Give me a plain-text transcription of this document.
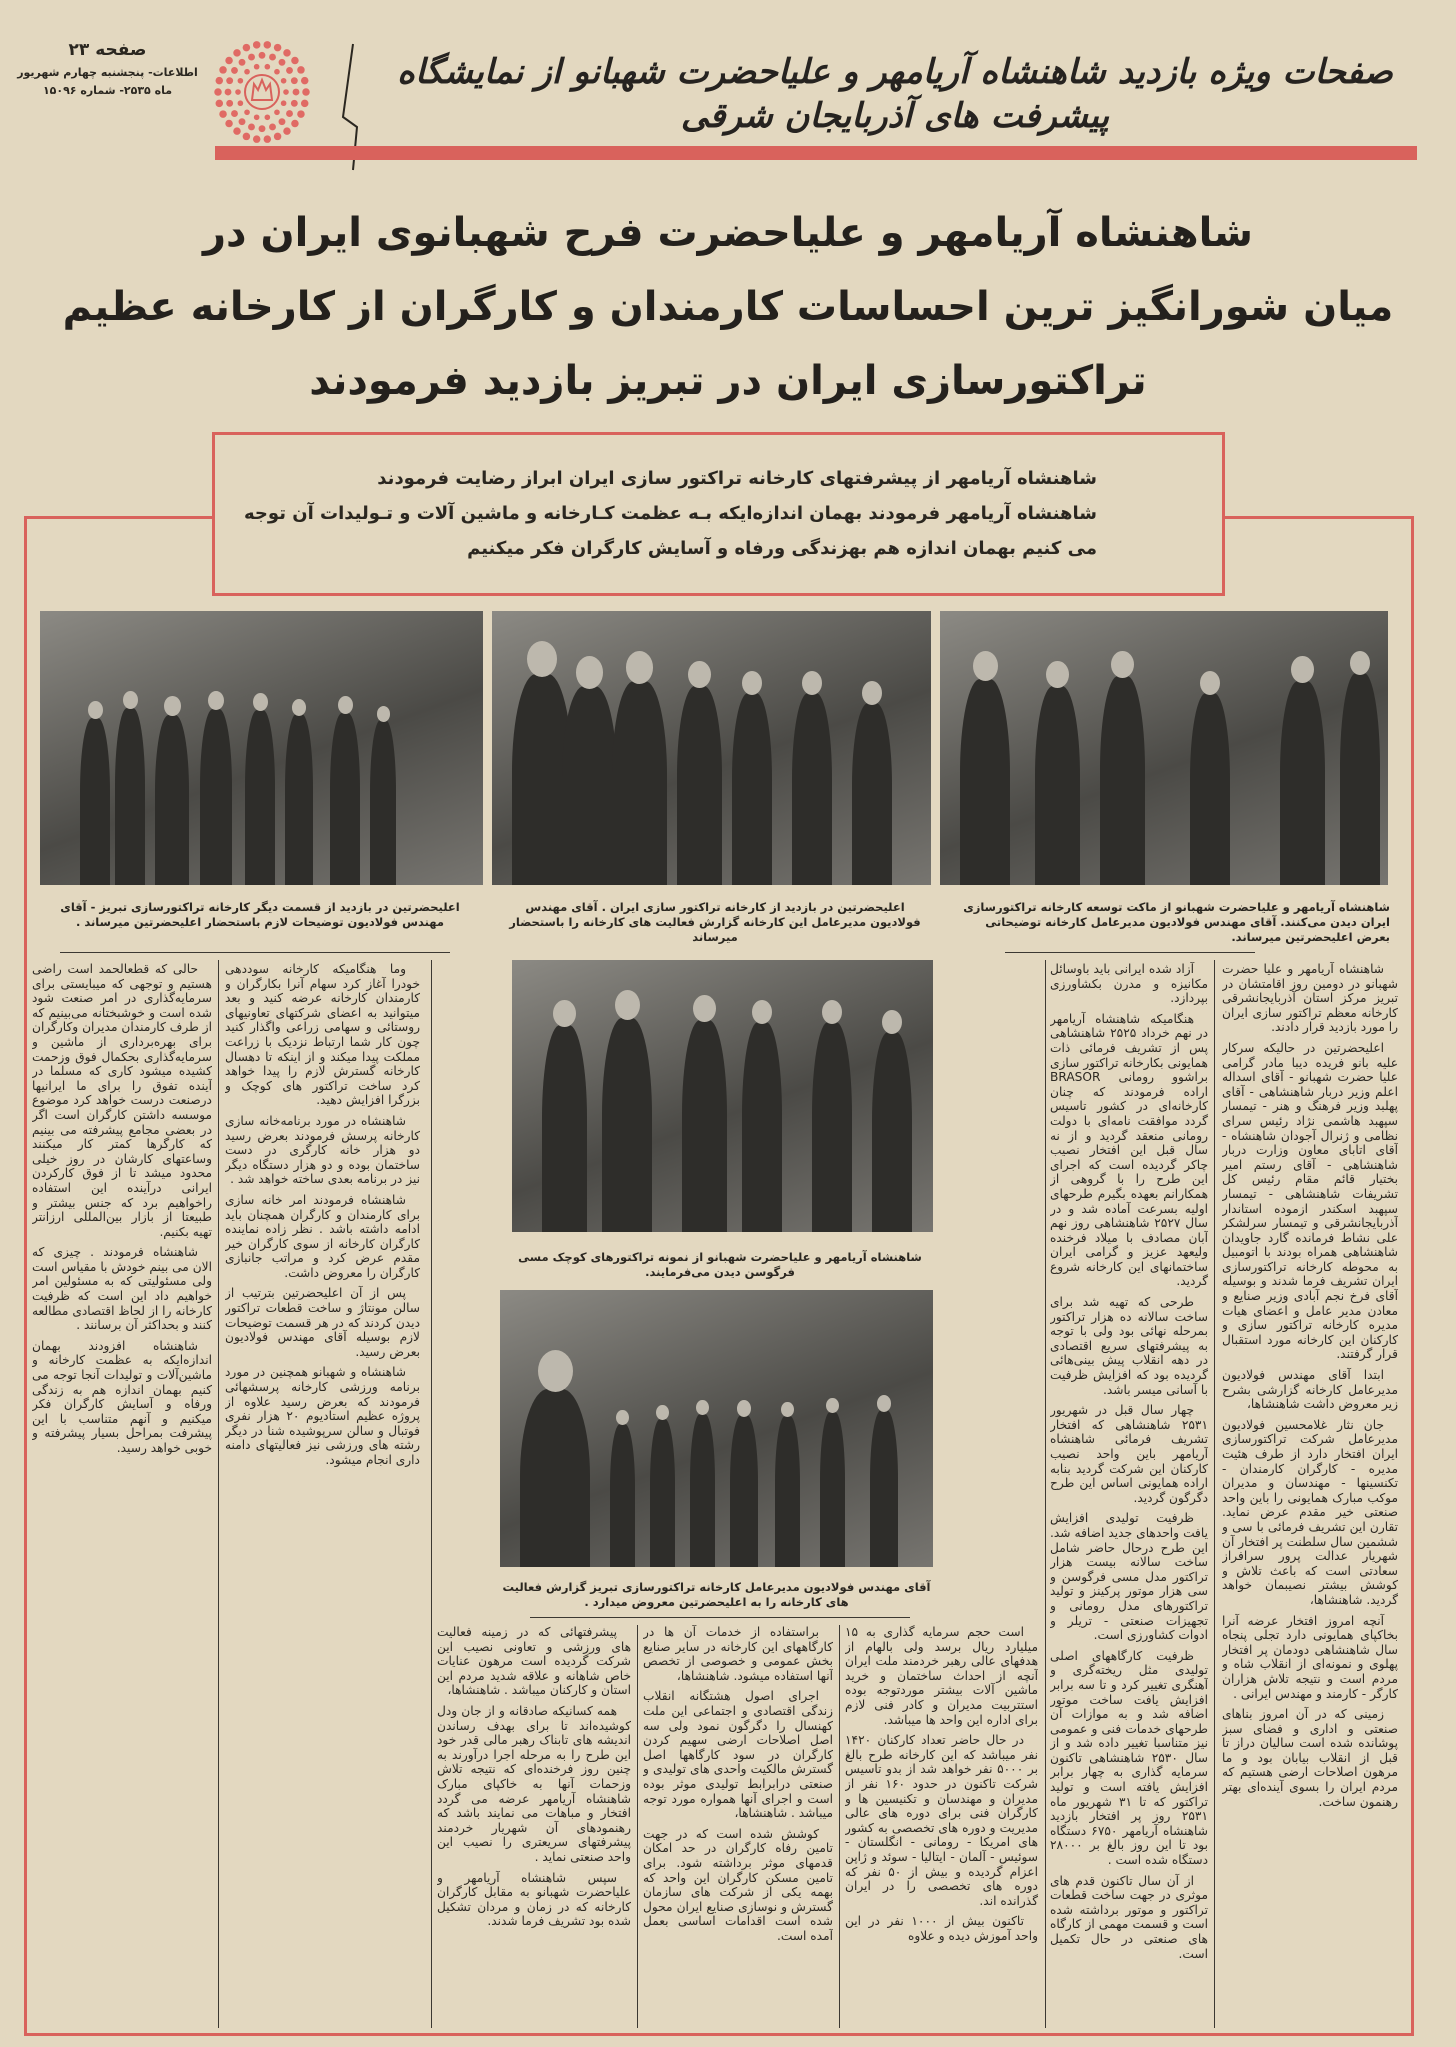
صفحه ۲۳
اطلاعات- پنجشنبه چهارم شهریور
ماه ۲۵۳۵- شماره ۱۵۰۹۶	صفحات ویژه بازدید شاهنشاه آریامهر و علیاحضرت شهبانو از نمایشگاه پیشرفت های آذربایجان شرقی
شاهنشاه آریامهر و علیاحضرت فرح شهبانوی ایران در
میان شورانگیز ترین احساسات کارمندان و کارگران از کارخانه عظیم
تراکتورسازی ایران در تبریز بازدید فرمودند
شاهنشاه آریامهر از پیشرفتهای کارخانه تراکتور سازی ایران ابراز رضایت فرمودند
شاهنشاه آریامهر فرمودند بهمان اندازه‌ایکه بـه عظمت کـارخانه و ماشین آلات و تـولیدات آن توجه
می کنیم بهمان اندازه هم بهزندگی ورفاه و آسایش کارگران فکر میکنیم
شاهنشاه آریامهر و علیاحضرت شهبانو از ماکت توسعه کارخانه تراکتورسازی ایران دیدن می‌کنند. آقای مهندس فولادیون مدیرعامل کارخانه توضیحاتی بعرض اعلیحضرتین میرساند.
اعلیحضرتین در بازدید از کارخانه تراکتور سازی ایران . آقای مهندس فولادیون مدیرعامل این کارخانه گزارش فعالیت های کارخانه را باستحضار میرساند
اعلیحضرتین در بازدید از قسمت دیگر کارخانه تراکتورسازی تبریز - آقای مهندس فولادیون توضیحات لازم باستحضار اعلیحضرتین میرساند .
شاهنشاه آریامهر و علیاحضرت شهبانو از نمونه تراکتورهای کوچک مسی فرگوسن دیدن می‌فرمایند.
آقای مهندس فولادیون مدیرعامل کارخانه تراکتورسازی تبریز گزارش فعالیت های کارخانه را به اعلیحضرتین معروض میدارد .

شاهنشاه آریامهر و علیا حضرت شهبانو در دومین روز اقامتشان در تبریز مرکز استان آذربایجانشرقی کارخانه معظم تراکتور سازی ایران را مورد بازدید قرار دادند.

اعلیحضرتین در حالیکه سرکار علیه بانو فریده دیبا مادر گرامی علیا حضرت شهبانو - آقای اسداله اعلم وزیر دربار شاهنشاهی - آقای پهلبد وزیر فرهنگ و هنر - تیمسار سپهبد هاشمی نژاد رئیس سرای نظامی و ژنرال آجودان شاهنشاه - آقای اتابای معاون وزارت دربار شاهنشاهی - آقای رستم امیر بختیار قائم مقام رئیس کل تشریفات شاهنشاهی - تیمسار سپهبد اسکندر ازموده استاندار آذربایجانشرقی و تیمسار سرلشکر علی نشاط فرمانده گارد جاویدان شاهنشاهی همراه بودند با اتومبیل به محوطه کارخانه تراکتورسازی ایران تشریف فرما شدند و بوسیله آقای فرخ نجم آبادی وزیر صنایع و معادن مدیر عامل و اعضای هیات مدیره کارخانه تراکتور سازی و کارکنان این کارخانه مورد استقبال قرار گرفتند.

ابتدا آقای مهندس فولادیون مدیرعامل کارخانه گزارشی بشرح زیر معروض داشت شاهنشاها،

جان نثار غلامحسین فولادیون مدیرعامل شرکت تراکتورسازی ایران افتخار دارد از طرف هئیت مدیره - کارگران کارمندان - تکنسینها - مهندسان و مدیران موکب مبارک همایونی را باین واحد صنعتی خیر مقدم عرض نماید. تقارن این تشریف فرمائی با سی و ششمین سال سلطنت پر افتخار آن شهریار عدالت پرور سرافراز سعادتی است که باعث تلاش و کوشش بیشتر نصیبمان خواهد گردید. شاهنشاها،

آنچه امروز افتخار عرضه آنرا بخاکپای همایونی دارد تجلی پنجاه سال شاهنشاهی دودمان پر افتخار پهلوی و نمونه‌ای از انقلاب شاه و مردم است و نتیجه تلاش هزاران کارگر - کارمند و مهندس ایرانی .

زمینی که در آن امروز بناهای صنعتی و اداری و فضای سبز پوشانده شده است سالیان دراز تا قبل از انقلاب بیابان بود و ما مرهون اصلاحات ارضی هستیم که مردم ایران را بسوی آینده‌ای بهتر رهنمون ساخت.

آزاد شده ایرانی باید باوسائل مکانیزه و مدرن بکشاورزی بپردازد.

هنگامیکه شاهنشاه آریامهر در نهم خرداد ۲۵۲۵ شاهنشاهی پس از تشریف فرمائی ذات همایونی بکارخانه تراکتور سازی براشوو رومانی BRASOR اراده فرمودند که چنان کارخانه‌ای در کشور تاسیس گردد موافقت نامه‌ای با دولت رومانی منعقد گردید و از نه سال قبل این افتخار نصیب چاکر گردیده است که اجرای این طرح را با گروهی از همکارانم بعهده بگیرم طرحهای اولیه بسرعت آماده شد و در سال ۲۵۲۷ شاهنشاهی روز نهم آبان مصادف با میلاد فرخنده ولیعهد عزیز و گرامی ایران ساختمانهای این کارخانه شروع گردید.

طرحی که تهیه شد برای ساخت سالانه ده هزار تراکتور بمرحله نهائی بود ولی با توجه به پیشرفتهای سریع اقتصادی در دهه انقلاب پیش بینی‌هائی گردیده بود که افزایش ظرفیت با آسانی میسر باشد.

چهار سال قبل در شهریور ۲۵۳۱ شاهنشاهی که افتخار تشریف فرمائی شاهنشاه آریامهر باین واحد نصیب کارکنان این شرکت گردید بنابه اراده همایونی اساس این طرح دگرگون گردید.

ظرفیت تولیدی افزایش یافت واحدهای جدید اضافه شد. این طرح درحال حاضر شامل ساخت سالانه بیست هزار تراکتور مدل مسی فرگوسن و سی هزار موتور پرکینز و تولید تراکتورهای مدل رومانی و تجهیزات صنعتی - تریلر و ادوات کشاورزی است.

ظرفیت کارگاههای اصلی تولیدی مثل ریخته‌گری و آهنگری تغییر کرد و تا سه برابر افزایش یافت ساخت موتور اضافه شد و به موازات آن طرحهای خدمات فنی و عمومی نیز متناسبا تغییر داده شد و از سال ۲۵۳۰ شاهنشاهی تاکنون سرمایه گذاری به چهار برابر افزایش یافته است و تولید تراکتور که تا ۳۱ شهریور ماه ۲۵۳۱ روز پر افتخار بازدید شاهنشاه آریامهر ۶۷۵۰ دستگاه بود تا این روز بالغ بر ۲۸۰۰۰ دستگاه شده است .

از آن سال تاکنون قدم های موثری در جهت ساخت قطعات تراکتور و موتور برداشته شده است و قسمت مهمی از کارگاه های صنعتی در حال تکمیل است.

است حجم سرمایه گذاری به ۱۵ میلیارد ریال برسد ولی بالهام از هدفهای عالی رهبر خردمند ملت ایران آنچه از احداث ساختمان و خرید ماشین آلات بیشتر موردتوجه بوده استتربیت مدیران و کادر فنی لازم برای اداره این واحد ها میباشد.

در حال حاضر تعداد کارکنان ۱۴۲۰ نفر میباشد که این کارخانه طرح بالغ بر ۵۰۰۰ نفر خواهد شد از بدو تاسیس شرکت تاکنون در حدود ۱۶۰ نفر از مدیران و مهندسان و تکنیسین ها و کارگران فنی برای دوره های عالی مدیریت و دوره های تخصصی به کشور های امریکا - رومانی - انگلستان - سوئیس - آلمان - ایتالیا - سوئد و ژاپن اعزام گردیده و بیش از ۵۰ نفر که دوره های تخصصی را در ایران گذرانده اند.

تاکنون بیش از ۱۰۰۰ نفر در این واحد آموزش دیده و علاوه

براستفاده از خدمات آن ها در کارگاههای این کارخانه در سایر صنایع بخش عمومی و خصوصی از تخصص آنها استفاده میشود. شاهنشاها،

اجرای اصول هشتگانه انقلاب زندگی اقتصادی و اجتماعی این ملت کهنسال را دگرگون نمود ولی سه اصل اصلاحات ارضی سهیم کردن کارگران در سود کارگاهها اصل گسترش مالکیت واحدی های تولیدی و صنعتی درابرابط تولیدی موثر بوده است و اجرای آنها همواره مورد توجه میباشد . شاهنشاها،

کوشش شده است که در جهت تامین رفاه کارگران در حد امکان قدمهای موثر برداشته شود. برای تامین مسکن کارگران این واحد که بهمه یکی از شرکت های سازمان گسترش و نوسازی صنایع ایران محول شده است اقدامات اساسی بعمل آمده است.

پیشرفتهائی که در زمینه فعالیت های ورزشی و تعاونی نصیب این شرکت گردیده است مرهون عنایات خاص شاهانه و علاقه شدید مردم این استان و کارکنان میباشد . شاهنشاها،

همه کسانیکه صادقانه و از جان ودل کوشیده‌اند تا برای بهدف رساندن اندیشه های تابناک رهبر مالی قدر خود این طرح را به مرحله اجرا درآورند به چنین روز فرخنده‌ای که نتیجه تلاش وزحمات آنها به خاکپای مبارک شاهنشاه آریامهر عرضه می گردد افتخار و مباهات می نمایند باشد که رهنمودهای آن شهریار خردمند پیشرفتهای سریعتری را نصیب این واحد صنعتی نماید .

سپس شاهنشاه آریامهر و علیاحضرت شهبانو به مقابل کارگران کارخانه که در زمان و مردان تشکیل شده بود تشریف فرما شدند.

وما هنگامیکه کارخانه سوددهی خودرا آغاز کرد سهام آنرا بکارگران و کارمندان کارخانه عرضه کنید و بعد میتوانید به اعضای شرکتهای تعاونیهای روستائی و سهامی زراعی واگذار کنید چون کار شما ارتباط نزدیک با زراعت مملکت پیدا میکند و از اینکه تا دهسال کارخانه گسترش لازم را پیدا خواهد کرد ساخت تراکتور های کوچک و بزرگرا افزایش دهید.

شاهنشاه در مورد برنامه‌خانه سازی کارخانه پرسش فرمودند بعرض رسید دو هزار خانه کارگری در دست ساختمان بوده و دو هزار دستگاه دیگر نیز در برنامه بعدی ساخته خواهد شد .

شاهنشاه فرمودند امر خانه سازی برای کارمندان و کارگران همچنان باید ادامه داشته باشد . نظر زاده نماینده کارگران کارخانه از سوی کارگران خیر مقدم عرض کرد و مراتب جانبازی کارگران را معروض داشت.

پس از آن اعلیحضرتین بترتیب از سالن مونتاژ و ساخت قطعات تراکتور دیدن کردند که در هر قسمت توضیحات لازم بوسیله آقای مهندس فولادیون بعرض رسید.

شاهنشاه و شهبانو همچنین در مورد برنامه ورزشی کارخانه پرسشهائی فرمودند که بعرض رسید علاوه از پروژه عظیم استادیوم ۲۰ هزار نفری فوتبال و سالن سرپوشیده شنا در دیگر رشته های ورزشی نیز فعالیتهای دامنه داری انجام میشود.

حالی که قطعا‌لحمد است راضی هستیم و توجهی که میبایستی برای سرمایه‌گذاری در امر صنعت شود شده است و خوشبختانه می‌بینیم که از طرف کارمندان مدیران وکارگران برای بهره‌برداری از ماشین و سرمایه‌گذاری بحکمال فوق وزحمت کشیده میشود کاری که مسلما در آینده تفوق را برای ما ایرانیها درصنعت درست خواهد کرد موضوع موسسه داشتن کارگران است اگر در بعضی مجامع پیشرفته می بینیم که کارگرها کمتر کار میکنند وساعتهای کارشان در روز خیلی محدود میشد تا از فوق کارکردن ایرانی درآینده این استفاده راخواهیم برد که جنس بیشتر و طبیعتا از بازار بین‌المللی ارزانتر تهیه بکنیم.

شاهنشاه فرمودند . چیزی که الان می بینم خودش با مقیاس است ولی مسئولیتی که به مسئولین امر خواهیم داد این است که ظرفیت کارخانه را از لحاظ اقتصادی مطالعه کنند و بحداکثر آن برسانند .

شاهنشاه افزودند بهمان اندازه‌ایکه به عظمت کارخانه و ماشین‌آلات و تولیدات آنجا توجه می کنیم بهمان اندازه هم به زندگی ورفاه و آسایش کارگران فکر میکنیم و آنهم متناسب با این پیشرفت بمراحل بسیار پیشرفته و خوبی خواهد رسید.
